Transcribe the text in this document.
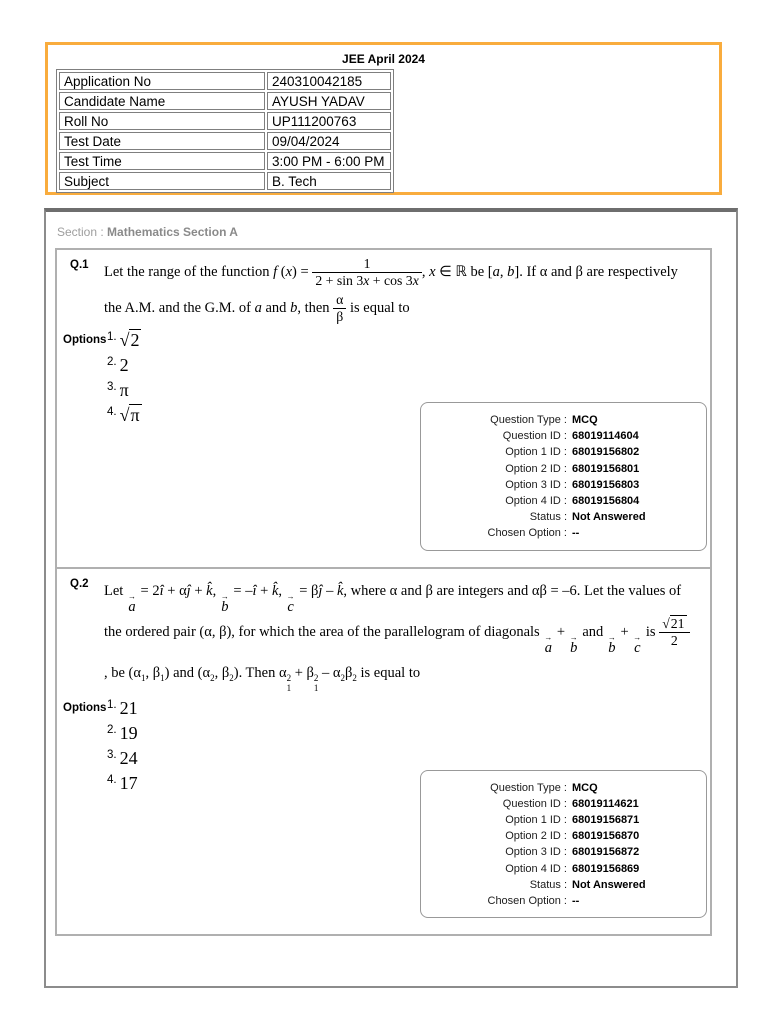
JEE April 2024
Application No	240310042185
Candidate Name	AYUSH YADAV
Roll No	UP111200763
Test Date	09/04/2024
Test Time	3:00 PM - 6:00 PM
Subject	B. Tech
Section : Mathematics Section A
Q.1	Let the range of the function f $(x) = \frac{1}{2 + \sin 3x + \cos 3x}$ , x ∈ ℝ be [a, b]. If α and β are respectively the A.M. and the G.M. of a and b, then $\frac{\alpha}{\beta}$ is equal to
Options $^{1.}$ √2
$^{2.}$ 2
$^{3.}$ π
$^{4.}$ √π	Question Type : MCQ
Question ID : 68019114604
Option 1 ID : 68019156802
Option 2 ID : 68019156801
Option 3 ID : 68019156803
Option 4 ID : 68019156804
Status : Not Answered
Chosen Option : --
Q.2	Let →
a
= 2î + αĵ + k̂, →
b
= –î + k̂, →
c
= βĵ – k̂, where α and β are integers and αβ = –6. Let the values of the ordered pair (α, β), for which the area of the parallelogram of diagonals →
a
+ →
b
and →
b
+ →
c
is $\frac{√21}{2}$
, be ($\alpha_1$, $\beta_1$) and ($\alpha_2$, $\beta_2$). Then α 2
1
+ β 2
1
– $\alpha_2\beta_2$ is equal to
Options $^{1.}$ 21
$^{2.}$ 19
$^{3.}$ 24
$^{4.}$ 17	Question Type : MCQ
Question ID : 68019114621
Option 1 ID : 68019156871
Option 2 ID : 68019156870
Option 3 ID : 68019156872
Option 4 ID : 68019156869
Status : Not Answered
Chosen Option : --
